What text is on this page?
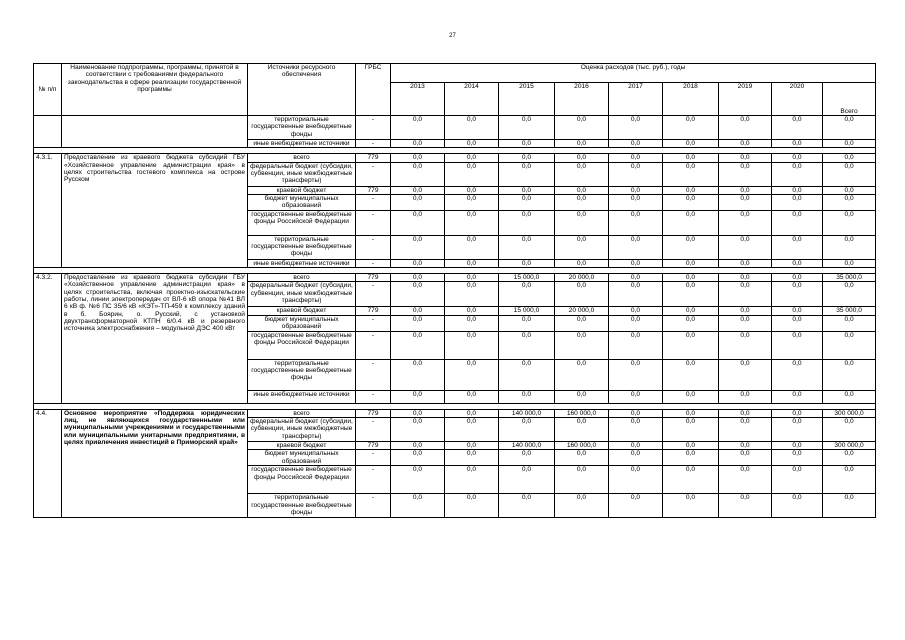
27
№ п/п	Наименование подпрограммы, программы, принятой в соответствии с требованиями федерального законодательства в сфере реализации государственной программы	Источники ресурсного обеспечения	ГРБС	Оценка расходов (тыс. руб.), годы								
				2013	2014	2015	2016	2017	2018	2019	2020	Всего
		территориальные государственные внебюджетные фонды	-	0,0	0,0	0,0	0,0	0,0	0,0	0,0	0,0	0,0
		иные внебюджетные источники	-	0,0	0,0	0,0	0,0	0,0	0,0	0,0	0,0	0,0

4.3.1.	Предоставление из краевого бюджета субсидий ГБУ «Хозяйственное управление администрации края» в целях строительства гостевого комплекса на острове Русском	всего	779	0,0	0,0	0,0	0,0	0,0	0,0	0,0	0,0	0,0
		федеральный бюджет (субсидии, субвенции, иные межбюджетные трансферты)	-	0,0	0,0	0,0	0,0	0,0	0,0	0,0	0,0	0,0
		краевой бюджет	779	0,0	0,0	0,0	0,0	0,0	0,0	0,0	0,0	0,0
		бюджет муниципальных образований	-	0,0	0,0	0,0	0,0	0,0	0,0	0,0	0,0	0,0
		государственные внебюджетные фонды Российской Федерации	-	0,0	0,0	0,0	0,0	0,0	0,0	0,0	0,0	0,0
		территориальные государственные внебюджетные фонды	-	0,0	0,0	0,0	0,0	0,0	0,0	0,0	0,0	0,0
		иные внебюджетные источники	-	0,0	0,0	0,0	0,0	0,0	0,0	0,0	0,0	0,0

4.3.2.	Предоставление из краевого бюджета субсидии ГБУ «Хозяйственное управление администрации края» в целях строительства, включая проектно-изыскательские работы, линии электропередач от ВЛ-6 кВ опора №41 ВЛ 6 кВ ф. №6 ПС 35/6 кВ «КЭТ»-ТП-459 к комплексу зданий в б. Боярин, о. Русский, с установкой двухтрансформаторной КТПН 6/0.4 кВ и резервного источника электроснабжения – модульной ДЭС 400 кВт	всего	779	0,0	0,0	15 000,0	20 000,0	0,0	0,0	0,0	0,0	35 000,0
		федеральный бюджет (субсидии, субвенции, иные межбюджетные трансферты)	-	0,0	0,0	0,0	0,0	0,0	0,0	0,0	0,0	0,0
		краевой бюджет	779	0,0	0,0	15 000,0	20 000,0	0,0	0,0	0,0	0,0	35 000,0
		бюджет муниципальных образований	-	0,0	0,0	0,0	0,0	0,0	0,0	0,0	0,0	0,0
		государственные внебюджетные фонды Российской Федерации	-	0,0	0,0	0,0	0,0	0,0	0,0	0,0	0,0	0,0
		территориальные государственные внебюджетные фонды	-	0,0	0,0	0,0	0,0	0,0	0,0	0,0	0,0	0,0
		иные внебюджетные источники	-	0,0	0,0	0,0	0,0	0,0	0,0	0,0	0,0	0,0

4.4.	Основное мероприятие «Поддержка юридических лиц, не являющихся государственными или муниципальными учреждениями и государственными или муниципальными унитарными предприятиями, в целях привлечения инвестиций в Приморский край»	всего	779	0,0	0,0	140 000,0	160 000,0	0,0	0,0	0,0	0,0	300 000,0
		федеральный бюджет (субсидии, субвенции, иные межбюджетные трансферты)	-	0,0	0,0	0,0	0,0	0,0	0,0	0,0	0,0	0,0
		краевой бюджет	779	0,0	0,0	140 000,0	160 000,0	0,0	0,0	0,0	0,0	300 000,0
		бюджет муниципальных образований	-	0,0	0,0	0,0	0,0	0,0	0,0	0,0	0,0	0,0
		государственные внебюджетные фонды Российской Федерации	-	0,0	0,0	0,0	0,0	0,0	0,0	0,0	0,0	0,0
		территориальные государственные внебюджетные фонды	-	0,0	0,0	0,0	0,0	0,0	0,0	0,0	0,0	0,0
